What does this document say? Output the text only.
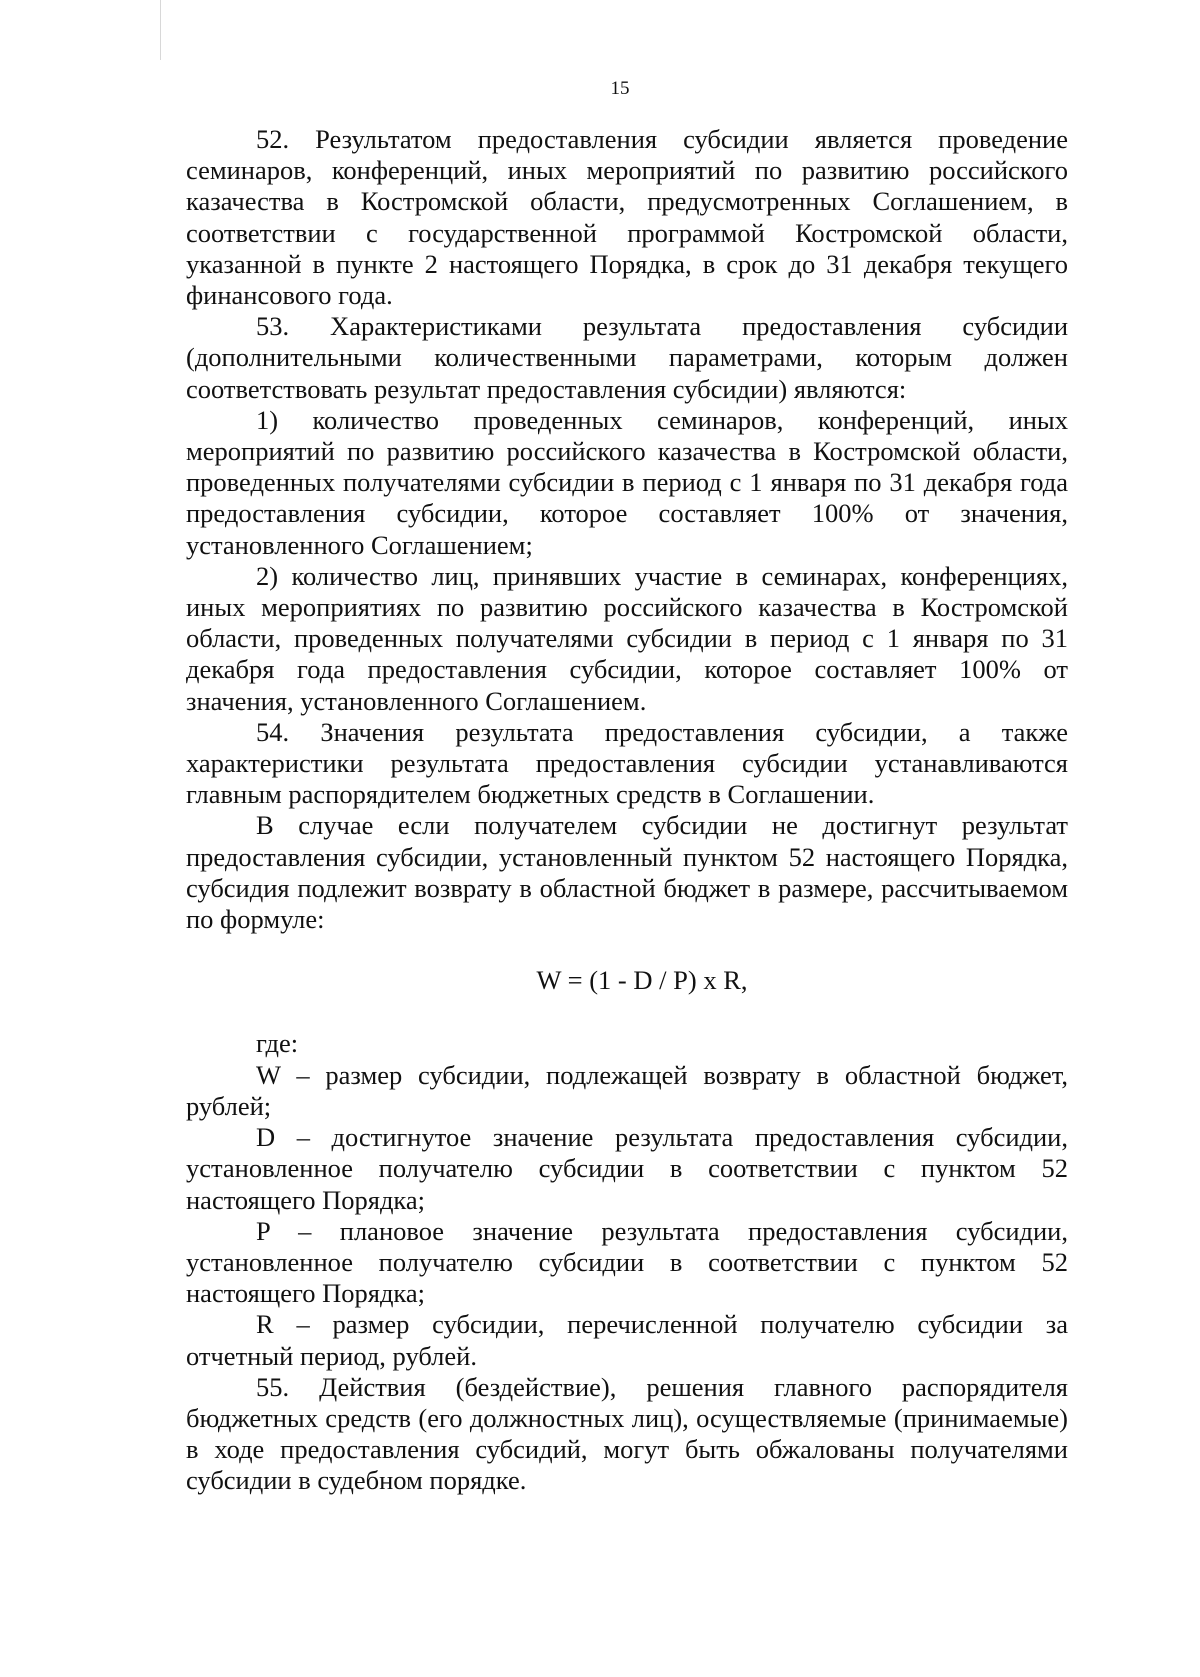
15

52. Результатом предоставления субсидии является проведение семинаров, конференций, иных мероприятий по развитию российского казачества в Костромской области, предусмотренных Соглашением, в соответствии с государственной программой Костромской области, указанной в пункте 2 настоящего Порядка, в срок до 31 декабря текущего финансового года.

53. Характеристиками результата предоставления субсидии (дополнительными количественными параметрами, которым должен соответствовать результат предоставления субсидии) являются:

1) количество проведенных семинаров, конференций, иных мероприятий по развитию российского казачества в Костромской области, проведенных получателями субсидии в период с 1 января по 31 декабря года предоставления субсидии, которое составляет 100% от значения, установленного Соглашением;

2) количество лиц, принявших участие в семинарах, конференциях, иных мероприятиях по развитию российского казачества в Костромской области, проведенных получателями субсидии в период с 1 января по 31 декабря года предоставления субсидии, которое составляет 100% от значения, установленного Соглашением.

54. Значения результата предоставления субсидии, а также характеристики результата предоставления субсидии устанавливаются главным распорядителем бюджетных средств в Соглашении.

В случае если получателем субсидии не достигнут результат предоставления субсидии, установленный пунктом 52 настоящего Порядка, субсидия подлежит возврату в областной бюджет в размере, рассчитываемом по формуле:

W = (1 - D / P) x R,

где:

W – размер субсидии, подлежащей возврату в областной бюджет, рублей;

D – достигнутое значение результата предоставления субсидии, установленное получателю субсидии в соответствии с пунктом 52 настоящего Порядка;

P – плановое значение результата предоставления субсидии, установленное получателю субсидии в соответствии с пунктом 52 настоящего Порядка;

R – размер субсидии, перечисленной получателю субсидии за отчетный период, рублей.

55. Действия (бездействие), решения главного распорядителя бюджетных средств (его должностных лиц), осуществляемые (принимаемые) в ходе предоставления субсидий, могут быть обжалованы получателями субсидии в судебном порядке.
